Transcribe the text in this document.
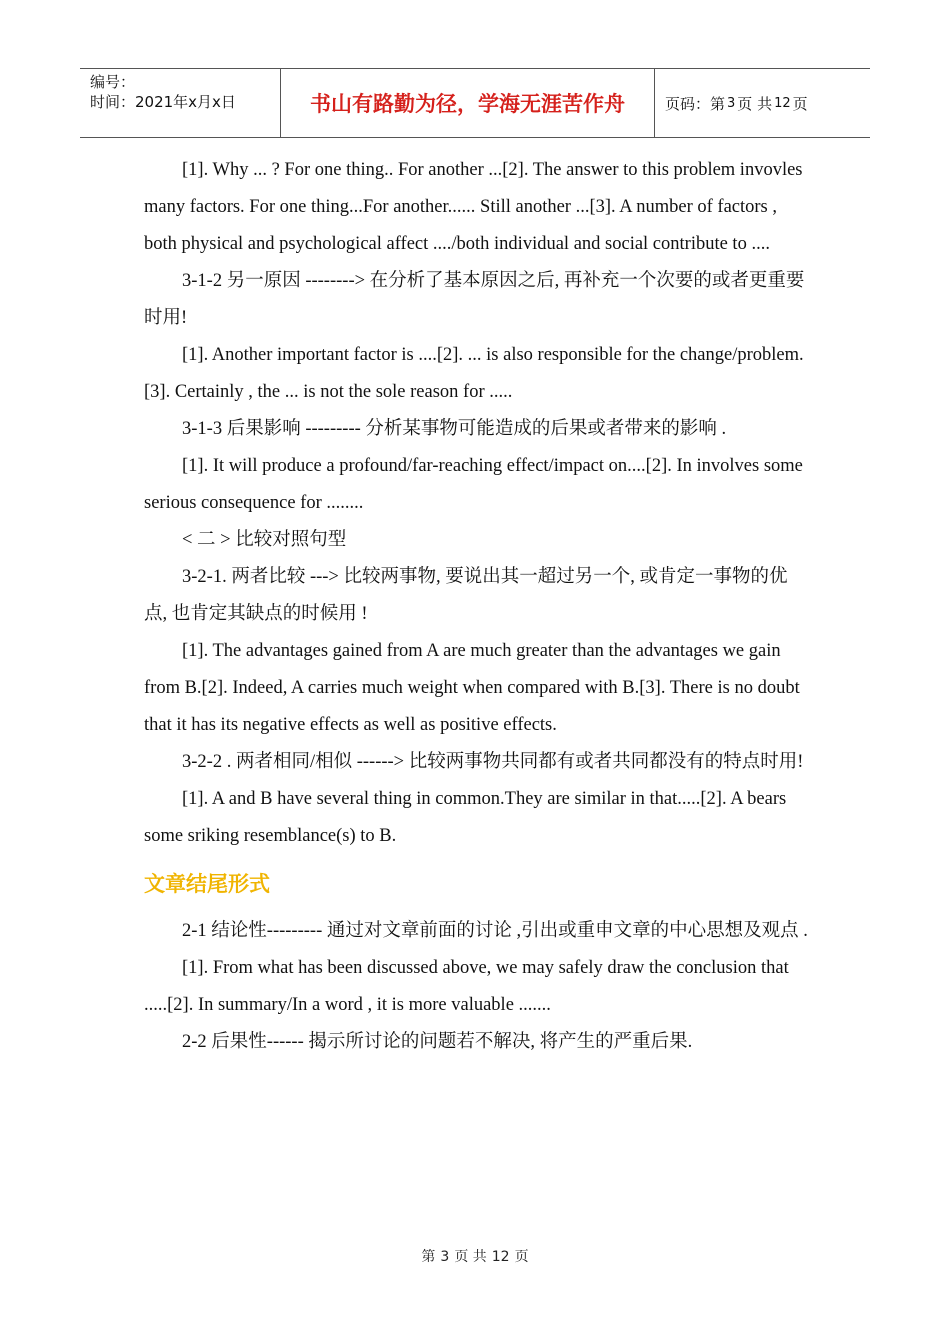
编号：
时间：2021年x月x日	书山有路勤为径，学海无涯苦作舟	页码：第 3 页 共 12 页

[1]. Why ... ? For one thing.. For another ...[2]. The answer to this problem invovles many factors. For one thing...For another...... Still another ...[3]. A number of factors , both physical and psychological affect ..../both individual and social contribute to ....

3-1-2 另一原因 --------> 在分析了基本原因之后, 再补充一个次要的或者更重要时用!

[1]. Another important factor is ....[2]. ... is also responsible for the change/problem.[3]. Certainly , the ... is not the sole reason for .....

3-1-3 后果影响 --------- 分析某事物可能造成的后果或者带来的影响 .

[1]. It will produce a profound/far-reaching effect/impact on....[2]. In involves some serious consequence for ........

< 二 > 比较对照句型

3-2-1. 两者比较 ---> 比较两事物, 要说出其一超过另一个, 或肯定一事物的优点, 也肯定其缺点的时候用 !

[1]. The advantages gained from A are much greater than the advantages we gain from B.[2]. Indeed, A carries much weight when compared with B.[3]. There is no doubt that it has its negative effects as well as positive effects.

3-2-2 . 两者相同/相似 ------> 比较两事物共同都有或者共同都没有的特点时用!

[1]. A and B have several thing in common.They are similar in that.....[2]. A bears some sriking resemblance(s) to B.

文章结尾形式

2-1 结论性--------- 通过对文章前面的讨论 ,引出或重申文章的中心思想及观点 .

[1]. From what has been discussed above, we may safely draw the conclusion that .....[2]. In summary/In a word , it is more valuable .......

2-2 后果性------ 揭示所讨论的问题若不解决, 将产生的严重后果.

第 3 页 共 12 页
